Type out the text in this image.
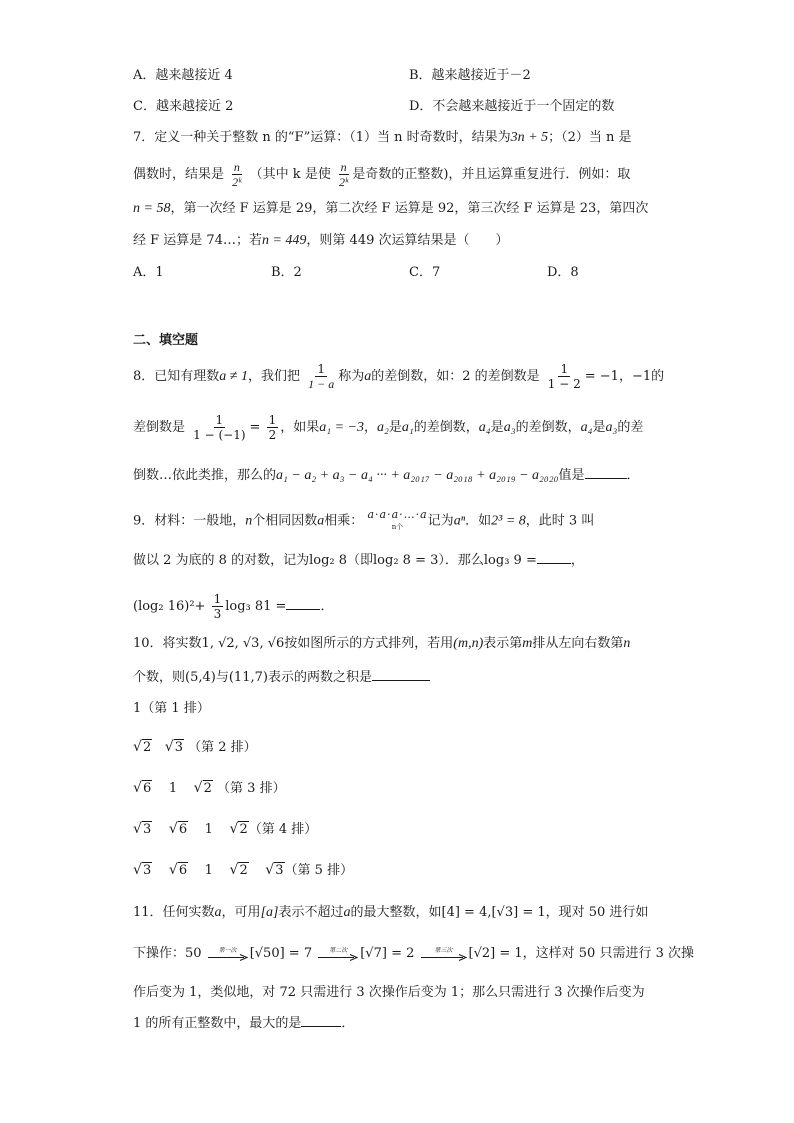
A．越来越接近 4	B．越来越接近于－2
C．越来越接近 2	D．不会越来越接近于一个固定的数
7．定义一种关于整数 n 的“F”运算：（1）当 n 时奇数时，结果为3n + 5；（2）当 n 是
偶数时，结果是 $\frac{n}{\text{2ᵏ}}$ （其中 k 是使 $\frac{n}{\text{2ᵏ}}$ 是奇数的正整数)，并且运算重复进行．例如：取
n = 58，第一次经 F 运算是 29，第二次经 F 运算是 92，第三次经 F 运算是 23，第四次
经 F 运算是 74…；若n = 449，则第 449 次运算结果是（　　）
A．1	B．2	C．7	D．8
二、填空题
8．已知有理数a ≠ 1，我们把 $\frac{1}{1 - a}$ 称为a的差倒数，如：2 的差倒数是 $\frac{1}{1 - 2} = -1$，−1的
差倒数是 $\frac{1}{1 - (-1)} = \frac{1}{2}$ ，如果a₁ = −3，a₂是a₁的差倒数，a₄是a₃的差倒数，a₄是a₃的差
倒数…依此类推，那么的a₁ − a₂ + a₃ − a₄ ··· + a₂₀₁₇ − a₂₀₁₈ + a₂₀₁₉ − a₂₀₂₀值是	．
9．材料：一般地，n个相同因数a相乘： a·a·a·…·a
n个 记为aⁿ．如2³ = 8，此时 3 叫
做以 2 为底的 8 的对数，记为log₂ 8（即log₂ 8 = 3）．那么log₃ 9 =	，
(log₂ $16)^2+ \frac{1}{3} \log_3$ 81 =	．
10．将实数1, √2, √3, √6按如图所示的方式排列，若用(m,n)表示第m排从左向右数第n
个数，则(5,4)与(11,7)表示的两数之积是
1（第 1 排）
√ 2 √ 3 （第 2 排）
√ 6 1 √ 2 （第 3 排）
√ 3 √ 6 1 √ 2（第 4 排）
√ 3 √ 6 1 √ 2 √ 3（第 5 排）
11．任何实数a，可用[a]表示不超过a的最大整数，如[4] = 4,[√3] = 1，现对 50 进行如
下操作：50	第一次 [√50] = 7	第二次 [√7] = 2	第三次 [√2] = 1，这样对 50 只需进行 3 次操
作后变为 1，类似地，对 72 只需进行 3 次操作后变为 1；那么只需进行 3 次操作后变为
1 的所有正整数中，最大的是	．
